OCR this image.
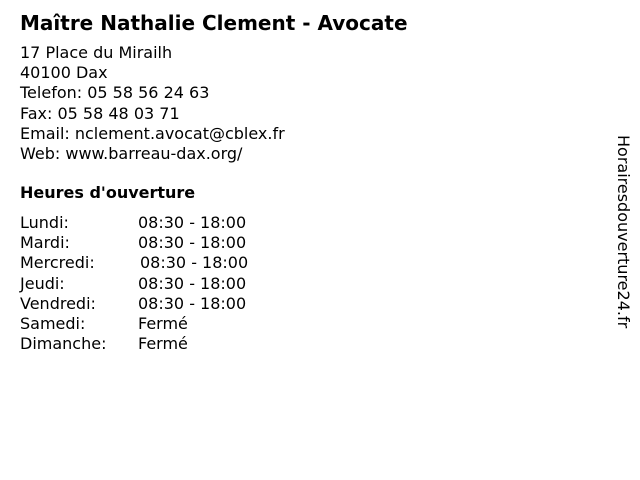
Maître Nathalie Clement - Avocate
17 Place du Mirailh
40100 Dax
Telefon: 05 58 56 24 63
Fax: 05 58 48 03 71
Email: nclement.avocat@cblex.fr
Web: www.barreau-dax.org/
Heures d'ouverture
Lundi:	08:30 - 18:00
Mardi:	08:30 - 18:00
Mercredi:	08:30 - 18:00
Jeudi:	08:30 - 18:00
Vendredi:	08:30 - 18:00
Samedi:	Fermé
Dimanche: Fermé
Horairesdouverture24.fr
